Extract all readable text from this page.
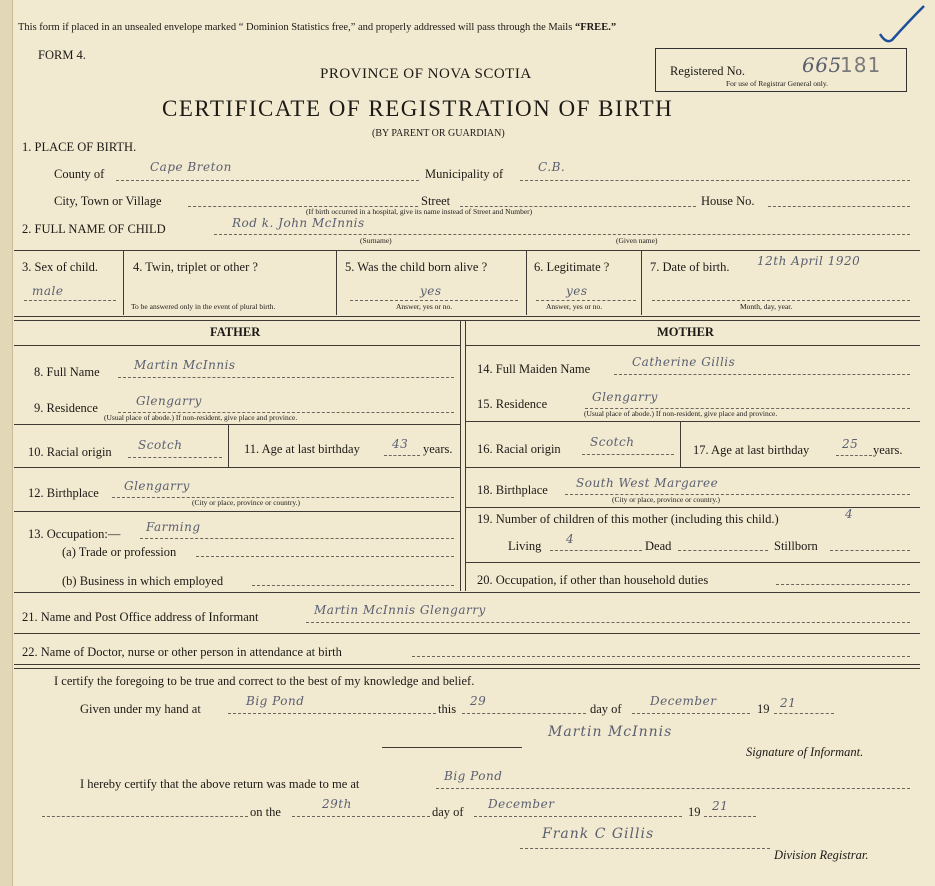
This form if placed in an unsealed envelope marked “ Dominion Statistics free,” and properly addressed will pass through the Mails “FREE.”
FORM 4.
PROVINCE OF NOVA SCOTIA	Registered No.	665
181
For use of Registrar General only.
CERTIFICATE OF REGISTRATION OF BIRTH
(BY PARENT OR GUARDIAN)
1. PLACE OF BIRTH.
County of	Cape Breton	Municipality of	C.B.
City, Town or Village	Street	House No.
(If birth occurred in a hospital, give its name instead of Street and Number)
2. FULL NAME OF CHILD	Rod k. John McInnis
(Surname)	(Given name)
3. Sex of child.
male
4. Twin, triplet or other ?
To be answered only in the event of plural birth.
5. Was the child born alive ?
yes
Answer, yes or no.
6. Legitimate ?
yes
Answer, yes or no.
7. Date of birth. 12th April 1920
Month, day, year.
FATHER	MOTHER
8. Full Name	Martin McInnis
9. Residence	Glengarry
(Usual place of abode.) If non-resident, give place and province.
10. Racial origin Scotch	11. Age at last birthday	43 years.
12. Birthplace Glengarry
(City or place, province or country.)
13. Occupation:— Farming
(a) Trade or profession
(b) Business in which employed
14. Full Maiden Name	Catherine Gillis
15. Residence	Glengarry
(Usual place of abode.) If non-resident, give place and province.
16. Racial origin Scotch
17. Age at last birthday	25 years.
18. Birthplace South West Margaree
(City or place, province or country.)
19. Number of children of this mother (including this child.)	4
Living 4	Dead	Stillborn
20. Occupation, if other than household duties
21. Name and Post Office address of Informant	Martin McInnis Glengarry
22. Name of Doctor, nurse or other person in attendance at birth
I certify the foregoing to be true and correct to the best of my knowledge and belief.
Given under my hand at
Big Pond
this
29
day of
December
19 21
Martin McInnis
Signature of Informant.
I hereby certify that the above return was made to me at
Big Pond
on the
29th
day of
December
19 21
Frank C Gillis
Division Registrar.
